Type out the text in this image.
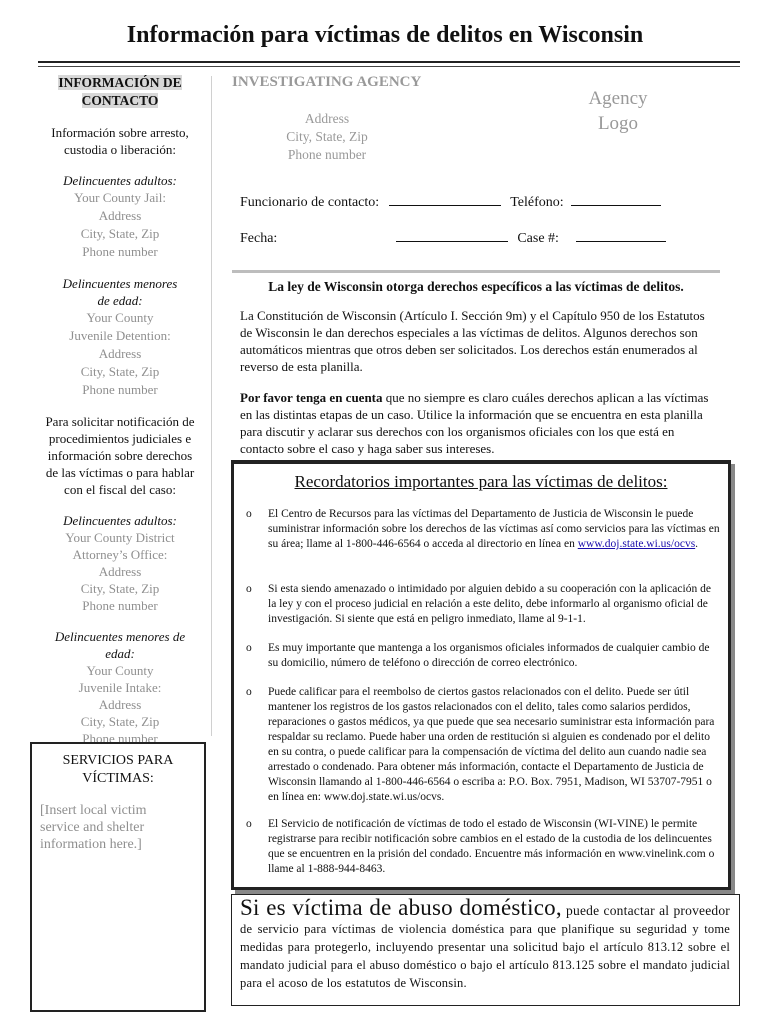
Información para víctimas de delitos en Wisconsin
INFORMACIÓN DE
CONTACTO
Información sobre arresto,
custodia o liberación:
Delincuentes adultos:
Your County Jail:
Address
City, State, Zip
Phone number
Delincuentes menores
de edad:
Your County
Juvenile Detention:
Address
City, State, Zip
Phone number
Para solicitar notificación de
procedimientos judiciales e
información sobre derechos
de las víctimas o para hablar
con el fiscal del caso:
Delincuentes adultos:
Your County District
Attorney’s Office:
Address
City, State, Zip
Phone number
Delincuentes menores de
edad:
Your County
Juvenile Intake:
Address
City, State, Zip
Phone number
SERVICIOS PARA
VÍCTIMAS:
[Insert local victim
service and shelter
information here.]
INVESTIGATING AGENCY
Address
City, State, Zip
Phone number
Agency
Logo
Funcionario de contacto:	Teléfono:
Fecha:	Case #:
La ley de Wisconsin otorga derechos específicos a las víctimas de delitos.
La Constitución de Wisconsin (Artículo I. Sección 9m) y el Capítulo 950 de los Estatutos de Wisconsin le dan derechos especiales a las víctimas de delitos. Algunos derechos son automáticos mientras que otros deben ser solicitados. Los derechos están enumerados al reverso de esta planilla.
Por favor tenga en cuenta que no siempre es claro cuáles derechos aplican a las víctimas en las distintas etapas de un caso. Utilice la información que se encuentra en esta planilla para discutir y aclarar sus derechos con los organismos oficiales con los que está en contacto sobre el caso y haga saber sus intereses.
Recordatorios importantes para las víctimas de delitos:
o El Centro de Recursos para las víctimas del Departamento de Justicia de Wisconsin le puede suministrar información sobre los derechos de las víctimas así como servicios para las víctimas en su área; llame al 1-800-446-6564 o acceda al directorio en línea en www.doj.state.wi.us/ocvs.
o Si esta siendo amenazado o intimidado por alguien debido a su cooperación con la aplicación de la ley y con el proceso judicial en relación a este delito, debe informarlo al organismo oficial de investigación. Si siente que está en peligro inmediato, llame al 9-1-1.
o Es muy importante que mantenga a los organismos oficiales informados de cualquier cambio de su domicilio, número de teléfono o dirección de correo electrónico.
o Puede calificar para el reembolso de ciertos gastos relacionados con el delito. Puede ser útil mantener los registros de los gastos relacionados con el delito, tales como salarios perdidos, reparaciones o gastos médicos, ya que puede que sea necesario suministrar esta información para respaldar su reclamo. Puede haber una orden de restitución si alguien es condenado por el delito en su contra, o puede calificar para la compensación de víctima del delito aun cuando nadie sea arrestado o condenado. Para obtener más información, contacte el Departamento de Justicia de Wisconsin llamando al 1-800-446-6564 o escriba a: P.O. Box. 7951, Madison, WI 53707-7951 o en línea en: www.doj.state.wi.us/ocvs.
o El Servicio de notificación de víctimas de todo el estado de Wisconsin (WI-VINE) le permite registrarse para recibir notificación sobre cambios en el estado de la custodia de los delincuentes que se encuentren en la prisión del condado. Encuentre más información en www.vinelink.com o llame al 1-888-944-8463.
Si es víctima de abuso doméstico, puede contactar al proveedor de servicio para víctimas de violencia doméstica para que planifique su seguridad y tome medidas para protegerlo, incluyendo presentar una solicitud bajo el artículo 813.12 sobre el mandato judicial para el abuso doméstico o bajo el artículo 813.125 sobre el mandato judicial para el acoso de los estatutos de Wisconsin.
